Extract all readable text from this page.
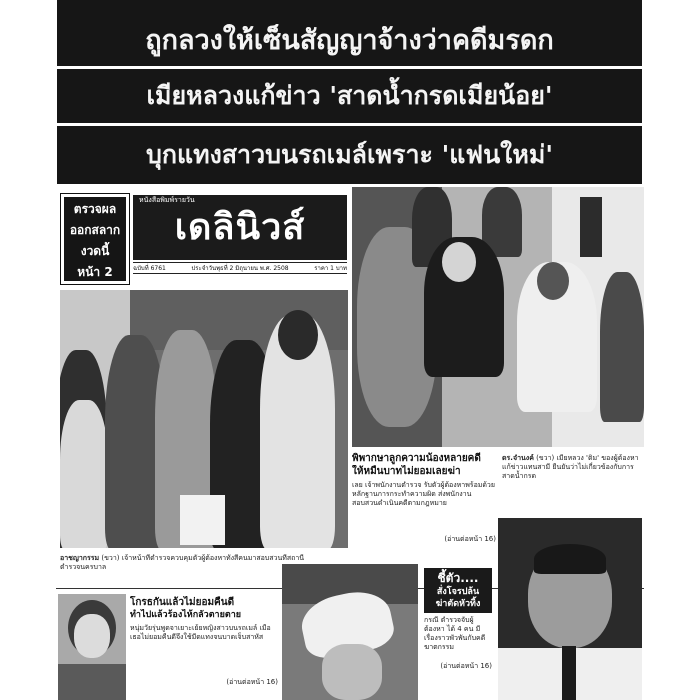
ถูกลวงให้เซ็นสัญญาจ้างว่าคดีมรดก
เมียหลวงแก้ข่าว 'สาดน้ำกรดเมียน้อย'
บุกแทงสาวบนรถเมล์เพราะ 'แฟนใหม่'
ตรวจผล
ออกสลาก
งวดนี้
หน้า 2
หนังสือพิมพ์รายวัน
เดลินิวส์
ฉบับที่ 6761	ประจำวันพุธที่ 2 มิถุนายน พ.ศ. 2508	ราคา 1 บาท
อาชญากรรม (ขวา) เจ้าหน้าที่ตำรวจควบคุมตัวผู้ต้องหาทั้งสี่คนมาสอบสวนที่สถานีตำรวจนครบาล
พิพากษาลูกความน้องหลายคดี
ให้หมื่นบาทไม่ยอมเลยฆ่า
เลย เจ้าพนักงานตำรวจ รับตัวผู้ต้องหาพร้อมด้วยหลักฐานการกระทำความผิด ส่งพนักงานสอบสวนดำเนินคดีตามกฎหมาย
(อ่านต่อหน้า 16)
ดร.จำนงค์ (ขวา) เมียหลวง 'ติ๋ม' ของผู้ต้องหาแก้ข่าวแทนสามี ยืนยันว่าไม่เกี่ยวข้องกับการสาดน้ำกรด
โกรธกันแล้วไม่ยอมคืนดี
ทำไปแล้วร้องไห้กลัวตายตาย
หนุ่มวัยรุ่นพูดจาเยาะเย้ยหญิงสาวบนรถเมล์ เมื่อเธอไม่ยอมคืนดีจึงใช้มีดแทงจนบาดเจ็บสาหัส
(อ่านต่อหน้า 16)
ชี้ตัว....
สั่งโจรปล้น
ฆ่าตัดหัวทิ้ง
กรณี ตำรวจจับผู้ต้องหา ได้ 4 คน มีเรื่องราวพัวพันกับคดีฆาตกรรม
(อ่านต่อหน้า 16)
